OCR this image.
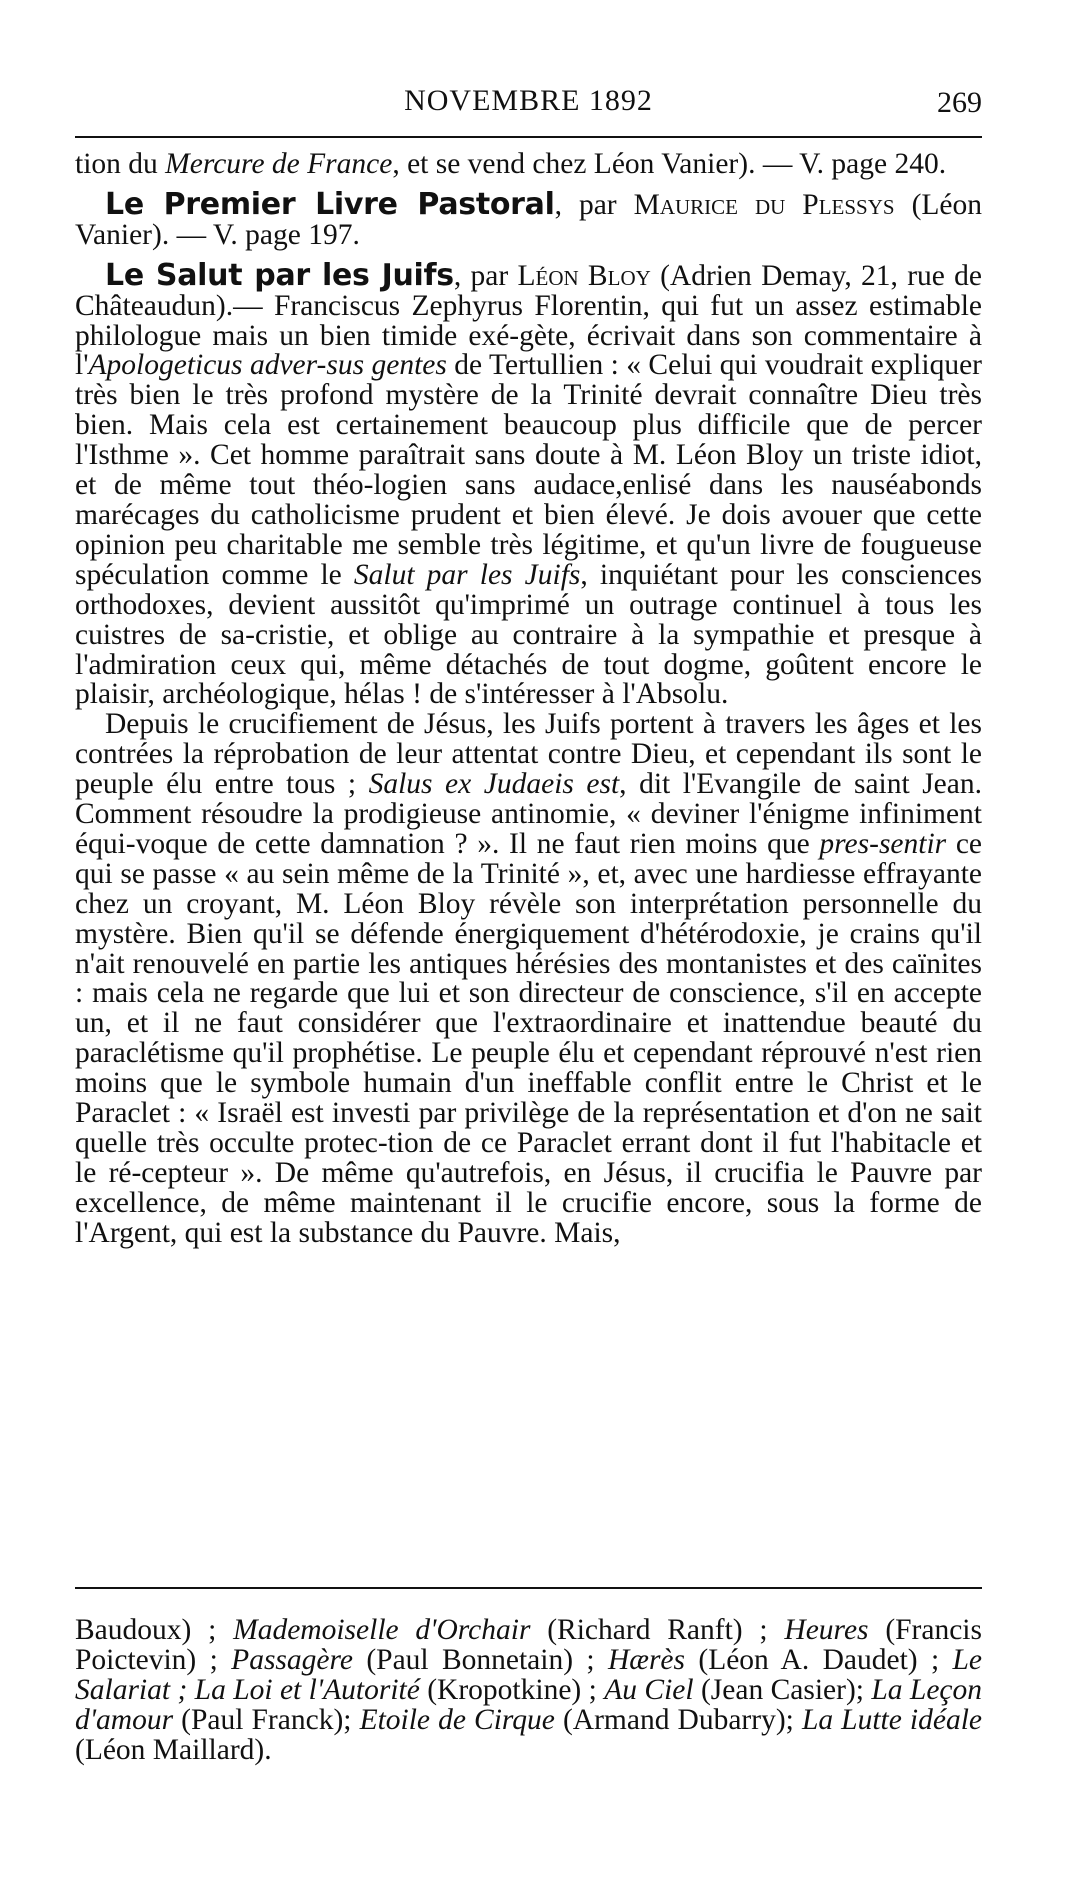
NOVEMBRE 1892	269

tion du Mercure de France, et se vend chez Léon Vanier). — V. page 240.

Le Premier Livre Pastoral, par Maurice du Plessys (Léon Vanier). — V. page 197.

Le Salut par les Juifs, par Léon Bloy (Adrien Demay, 21, rue de Châteaudun).— Franciscus Zephyrus Florentin, qui fut un assez estimable philologue mais un bien timide exé-gète, écrivait dans son commentaire à l'Apologeticus adver-sus gentes de Tertullien : « Celui qui voudrait expliquer très bien le très profond mystère de la Trinité devrait connaître Dieu très bien. Mais cela est certainement beaucoup plus difficile que de percer l'Isthme ». Cet homme paraîtrait sans doute à M. Léon Bloy un triste idiot, et de même tout théo-logien sans audace,enlisé dans les nauséabonds marécages du catholicisme prudent et bien élevé. Je dois avouer que cette opinion peu charitable me semble très légitime, et qu'un livre de fougueuse spéculation comme le Salut par les Juifs, inquiétant pour les consciences orthodoxes, devient aussitôt qu'imprimé un outrage continuel à tous les cuistres de sa-cristie, et oblige au contraire à la sympathie et presque à l'admiration ceux qui, même détachés de tout dogme, goûtent encore le plaisir, archéologique, hélas ! de s'intéresser à l'Absolu.

Depuis le crucifiement de Jésus, les Juifs portent à travers les âges et les contrées la réprobation de leur attentat contre Dieu, et cependant ils sont le peuple élu entre tous ; Salus ex Judaeis est, dit l'Evangile de saint Jean. Comment résoudre la prodigieuse antinomie, « deviner l'énigme infiniment équi-voque de cette damnation ? ». Il ne faut rien moins que pres-sentir ce qui se passe « au sein même de la Trinité », et, avec une hardiesse effrayante chez un croyant, M. Léon Bloy révèle son interprétation personnelle du mystère. Bien qu'il se défende énergiquement d'hétérodoxie, je crains qu'il n'ait renouvelé en partie les antiques hérésies des montanistes et des caïnites : mais cela ne regarde que lui et son directeur de conscience, s'il en accepte un, et il ne faut considérer que l'extraordinaire et inattendue beauté du paraclétisme qu'il prophétise. Le peuple élu et cependant réprouvé n'est rien moins que le symbole humain d'un ineffable conflit entre le Christ et le Paraclet : « Israël est investi par privilège de la représentation et d'on ne sait quelle très occulte protec-tion de ce Paraclet errant dont il fut l'habitacle et le ré-cepteur ». De même qu'autrefois, en Jésus, il crucifia le Pauvre par excellence, de même maintenant il le crucifie encore, sous la forme de l'Argent, qui est la substance du Pauvre. Mais,

Baudoux) ; Mademoiselle d'Orchair (Richard Ranft) ; Heures (Francis Poictevin) ; Passagère (Paul Bonnetain) ; Hærès (Léon A. Daudet) ; Le Salariat ; La Loi et l'Autorité (Kropotkine) ; Au Ciel (Jean Casier); La Leçon d'amour (Paul Franck); Etoile de Cirque (Armand Dubarry); La Lutte idéale (Léon Maillard).
